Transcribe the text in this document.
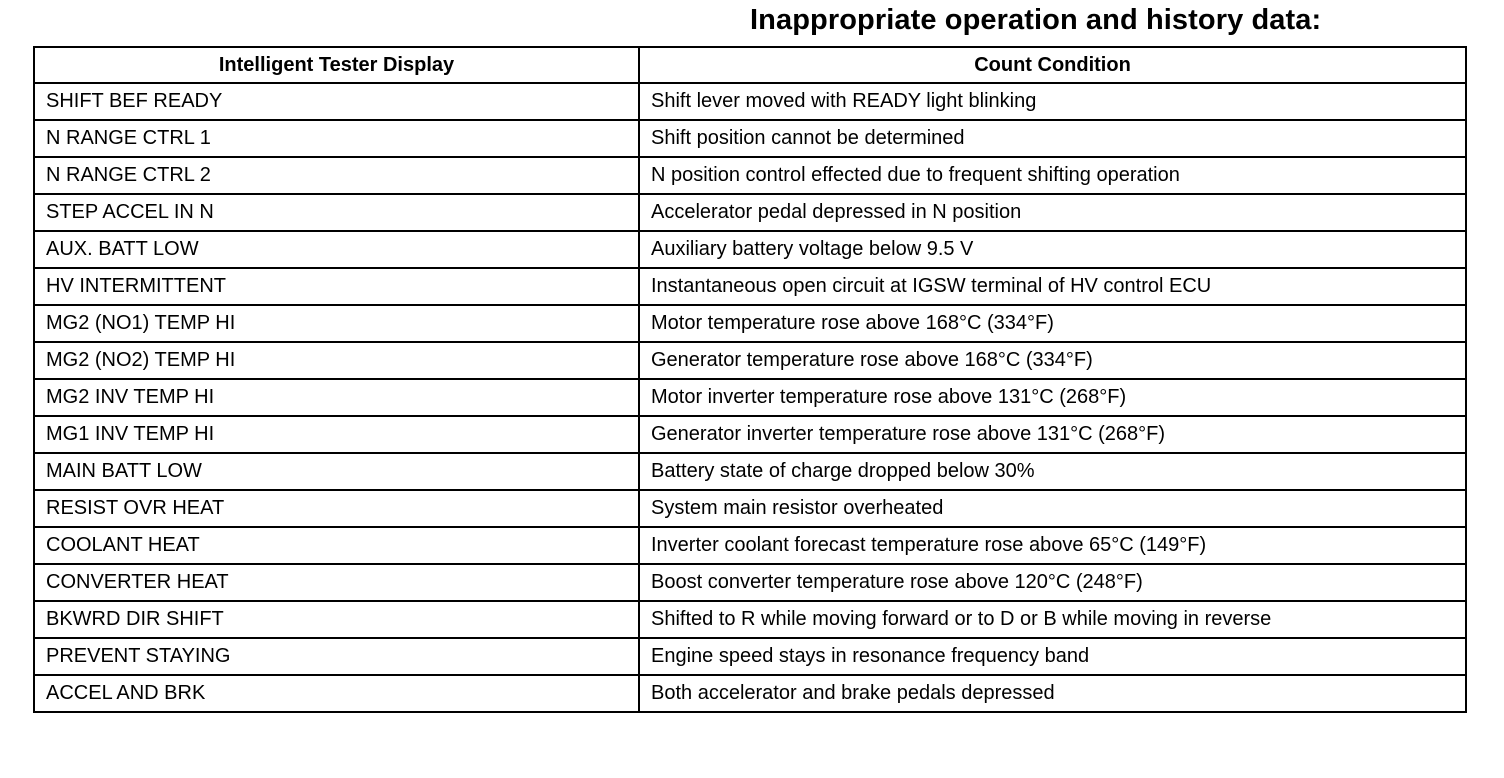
Inappropriate operation and history data:
Intelligent Tester Display	Count Condition
SHIFT BEF READY	Shift lever moved with READY light blinking
N RANGE CTRL 1	Shift position cannot be determined
N RANGE CTRL 2	N position control effected due to frequent shifting operation
STEP ACCEL IN N	Accelerator pedal depressed in N position
AUX. BATT LOW	Auxiliary battery voltage below 9.5 V
HV INTERMITTENT	Instantaneous open circuit at IGSW terminal of HV control ECU
MG2 (NO1) TEMP HI	Motor temperature rose above 168°C (334°F)
MG2 (NO2) TEMP HI	Generator temperature rose above 168°C (334°F)
MG2 INV TEMP HI	Motor inverter temperature rose above 131°C (268°F)
MG1 INV TEMP HI	Generator inverter temperature rose above 131°C (268°F)
MAIN BATT LOW	Battery state of charge dropped below 30%
RESIST OVR HEAT	System main resistor overheated
COOLANT HEAT	Inverter coolant forecast temperature rose above 65°C (149°F)
CONVERTER HEAT	Boost converter temperature rose above 120°C (248°F)
BKWRD DIR SHIFT	Shifted to R while moving forward or to D or B while moving in reverse
PREVENT STAYING	Engine speed stays in resonance frequency band
ACCEL AND BRK	Both accelerator and brake pedals depressed
